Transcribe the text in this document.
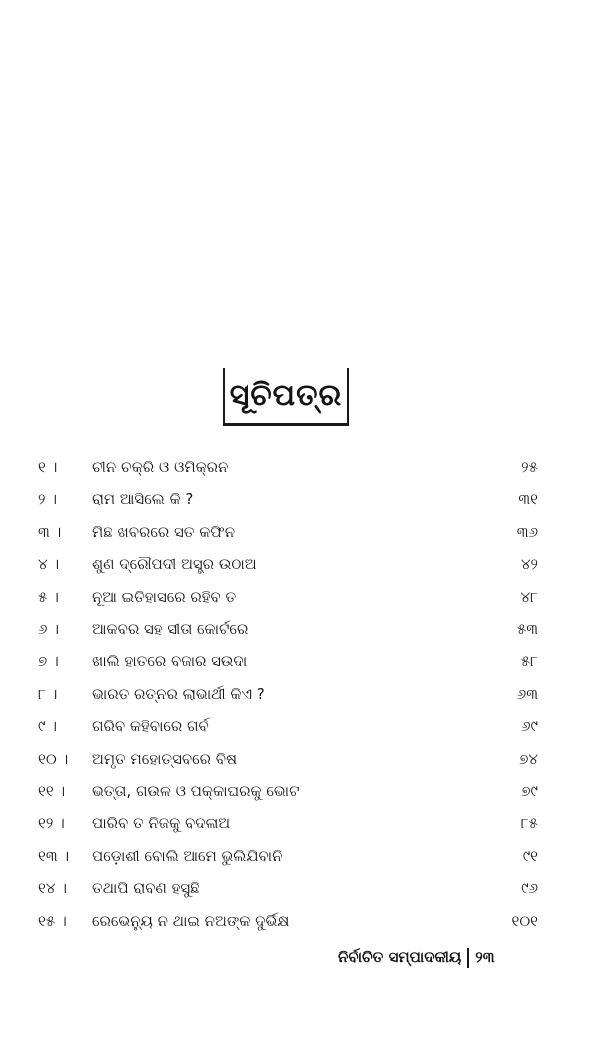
ସୂଚିପତ୍ର
୧ ।	ଚୀନ ଚକ୍ରି ଓ ଓମିକ୍ରନ	୨୫
୨ ।	ରାମ ଆସିଲେ କି ?	୩୧
୩ ।	ମିଛ ଖବରରେ ସତ କଫିନ	୩୬
୪ ।	ଶୁଣ ଦ୍ରୌପଦୀ ଅସ୍ତ୍ର ଉଠାଅ	୪୨
୫ ।	ନୂଆ ଇତିହାସରେ ରହିବ ତ	୪୮
୬ ।	ଆକବର ସହ ସୀତା କୋର୍ଟରେ	୫୩
୭ ।	ଖାଲି ହାତରେ ବଜାର ସଉଦା	୫୮
୮ ।	ଭାରତ ରତ୍ନର ଲାଭାର୍ଥୀ କିଏ ?	୬୩
୯ ।	ଗରିବ କହିବାରେ ଗର୍ବ	୬୯
୧୦ ।	ଅମୃତ ମହୋତ୍ସବରେ ବିଷ	୭୪
୧୧ ।	ଭତ୍ତା, ଗଉଳ ଓ ପକ୍କାଘରକୁ ଭୋଟ	୭୯
୧୨ ।	ପାରିବ ତ ନିଜକୁ ବଦଳାଅ	୮୫
୧୩ ।	ପଡ଼ୋଶୀ ବୋଲି ଆମେ ଭୁଲିଯିବାନି	୯୧
୧୪ ।	ତଥାପି ରାବଣ ହସୁଛି	୯୬
୧୫ ।	ରେଭେନ୍ୟୁ ନ ଥାଇ ନଅଙ୍କ ଦୁର୍ଭିକ୍ଷ	୧୦୧
ନିର୍ବାଚିତ ସମ୍ପାଦକୀୟ ୨୩
